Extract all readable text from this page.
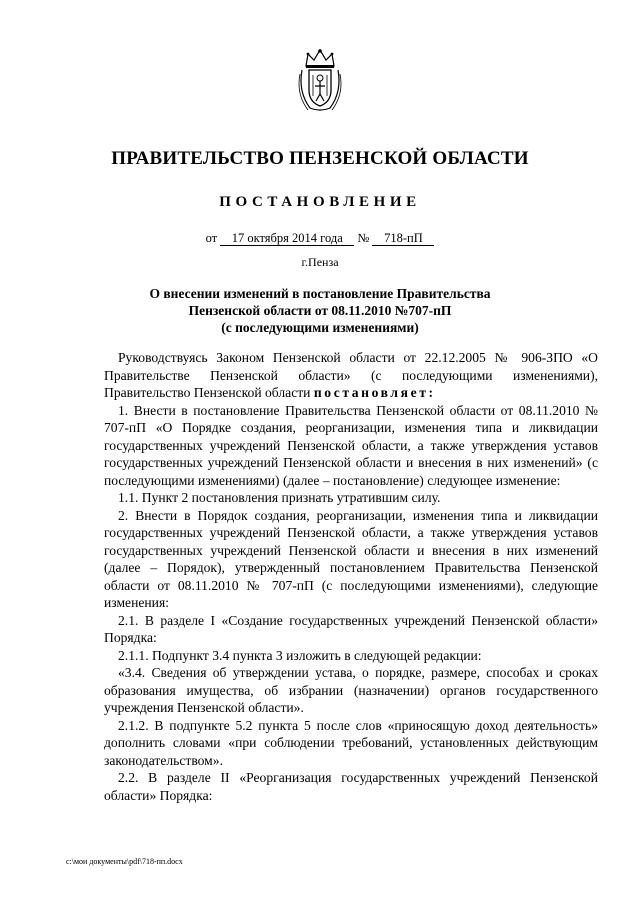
ПРАВИТЕЛЬСТВО ПЕНЗЕНСКОЙ ОБЛАСТИ
ПОСТАНОВЛЕНИЕ
от 17 октября 2014 года № 718-пП
г.Пенза
О внесении изменений в постановление Правительства
Пензенской области от 08.11.2010 №707-пП
(с последующими изменениями)

Руководствуясь Законом Пензенской области от 22.12.2005 № 906-ЗПО «О Правительстве Пензенской области» (с последующими изменениями), Правительство Пензенской области постановляет:

1. Внести в постановление Правительства Пензенской области от 08.11.2010 № 707-пП «О Порядке создания, реорганизации, изменения типа и ликвидации государственных учреждений Пензенской области, а также утверждения уставов государственных учреждений Пензенской области и внесения в них изменений» (с последующими изменениями) (далее – постановление) следующее изменение:

1.1. Пункт 2 постановления признать утратившим силу.

2. Внести в Порядок создания, реорганизации, изменения типа и ликвидации государственных учреждений Пензенской области, а также утверждения уставов государственных учреждений Пензенской области и внесения в них изменений (далее – Порядок), утвержденный постановлением Правительства Пензенской области от 08.11.2010 № 707-пП (с последующими изменениями), следующие изменения:

2.1. В разделе I «Создание государственных учреждений Пензенской области» Порядка:

2.1.1. Подпункт 3.4 пункта 3 изложить в следующей редакции:

«3.4. Сведения об утверждении устава, о порядке, размере, способах и сроках образования имущества, об избрании (назначении) органов государственного учреждения Пензенской области».

2.1.2. В подпункте 5.2 пункта 5 после слов «приносящую доход деятельность» дополнить словами «при соблюдении требований, установленных действующим законодательством».

2.2. В разделе II «Реорганизация государственных учреждений Пензенской области» Порядка:

c:\мои документы\pdf\718-пп.docx
